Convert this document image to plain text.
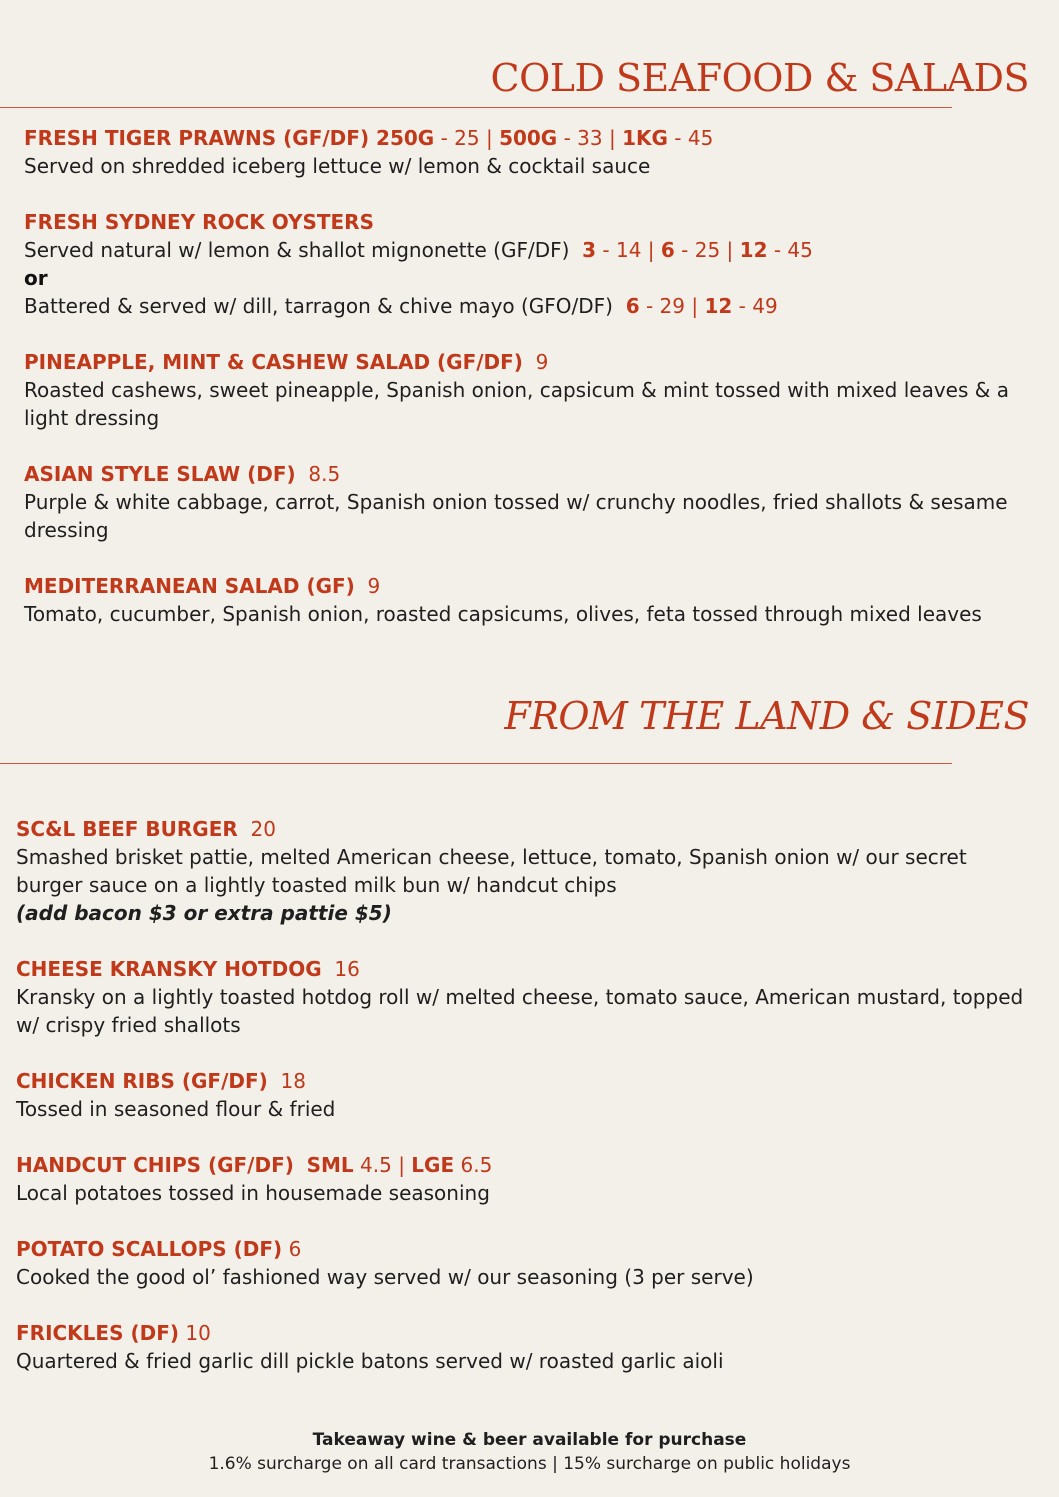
COLD SEAFOOD & SALADS
FRESH TIGER PRAWNS (GF/DF) 250G - 25 | 500G - 33 | 1KG - 45
Served on shredded iceberg lettuce w/ lemon & cocktail sauce
FRESH SYDNEY ROCK OYSTERS
Served natural w/ lemon & shallot mignonette (GF/DF) 3 - 14 | 6 - 25 | 12 - 45
or
Battered & served w/ dill, tarragon & chive mayo (GFO/DF) 6 - 29 | 12 - 49
PINEAPPLE, MINT & CASHEW SALAD (GF/DF) 9
Roasted cashews, sweet pineapple, Spanish onion, capsicum & mint tossed with mixed leaves & a light dressing
ASIAN STYLE SLAW (DF) 8.5
Purple & white cabbage, carrot, Spanish onion tossed w/ crunchy noodles, fried shallots & sesame dressing
MEDITERRANEAN SALAD (GF) 9
Tomato, cucumber, Spanish onion, roasted capsicums, olives, feta tossed through mixed leaves
FROM THE LAND & SIDES
SC&L BEEF BURGER 20
Smashed brisket pattie, melted American cheese, lettuce, tomato, Spanish onion w/ our secret burger sauce on a lightly toasted milk bun w/ handcut chips
(add bacon $3 or extra pattie $5)
CHEESE KRANSKY HOTDOG 16
Kransky on a lightly toasted hotdog roll w/ melted cheese, tomato sauce, American mustard, topped w/ crispy fried shallots
CHICKEN RIBS (GF/DF) 18
Tossed in seasoned flour & fried
HANDCUT CHIPS (GF/DF) SML 4.5 | LGE 6.5
Local potatoes tossed in housemade seasoning
POTATO SCALLOPS (DF) 6
Cooked the good ol’ fashioned way served w/ our seasoning (3 per serve)
FRICKLES (DF) 10
Quartered & fried garlic dill pickle batons served w/ roasted garlic aioli
Takeaway wine & beer available for purchase
1.6% surcharge on all card transactions | 15% surcharge on public holidays
